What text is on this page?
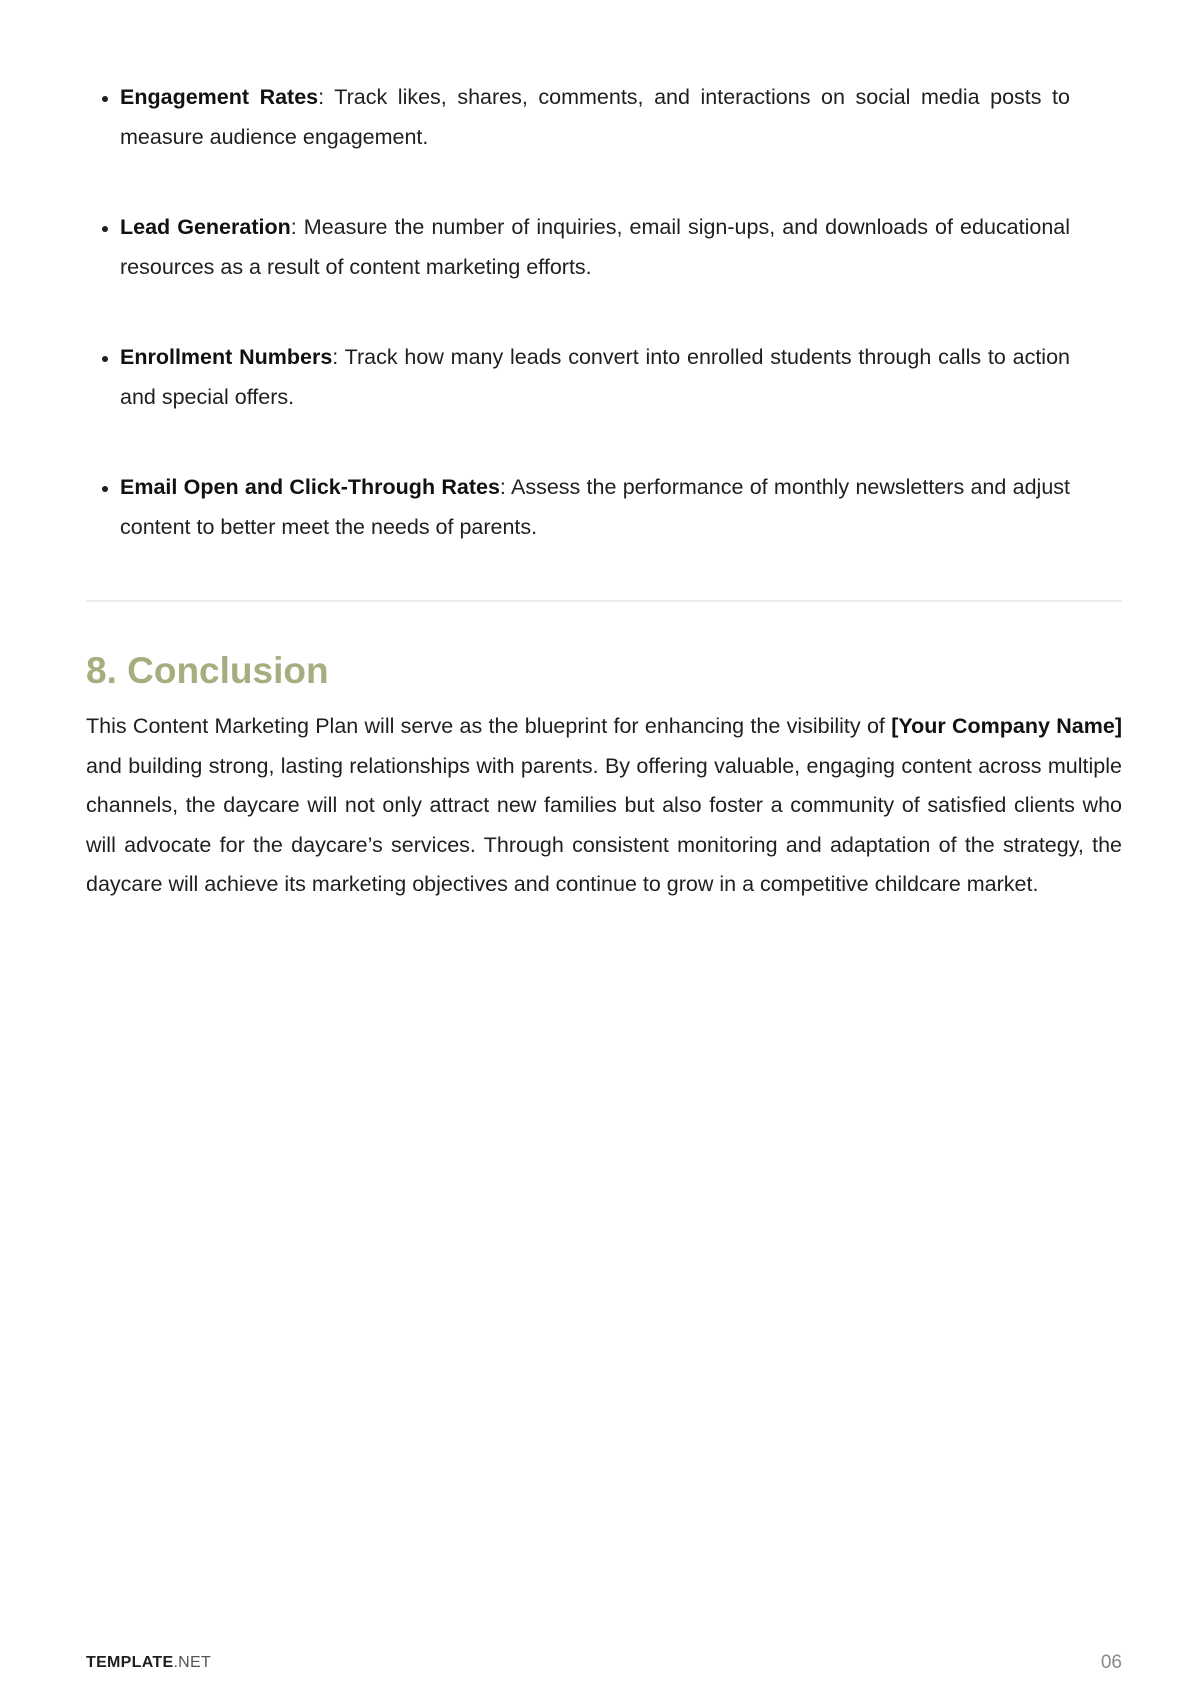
Engagement Rates: Track likes, shares, comments, and interactions on social media posts to measure audience engagement.
Lead Generation: Measure the number of inquiries, email sign-ups, and downloads of educational resources as a result of content marketing efforts.
Enrollment Numbers: Track how many leads convert into enrolled students through calls to action and special offers.
Email Open and Click-Through Rates: Assess the performance of monthly newsletters and adjust content to better meet the needs of parents.
8. Conclusion

This Content Marketing Plan will serve as the blueprint for enhancing the visibility of [Your Company Name] and building strong, lasting relationships with parents. By offering valuable, engaging content across multiple channels, the daycare will not only attract new families but also foster a community of satisfied clients who will advocate for the daycare’s services. Through consistent monitoring and adaptation of the strategy, the daycare will achieve its marketing objectives and continue to grow in a competitive childcare market.

TEMPLATE.NET	06
